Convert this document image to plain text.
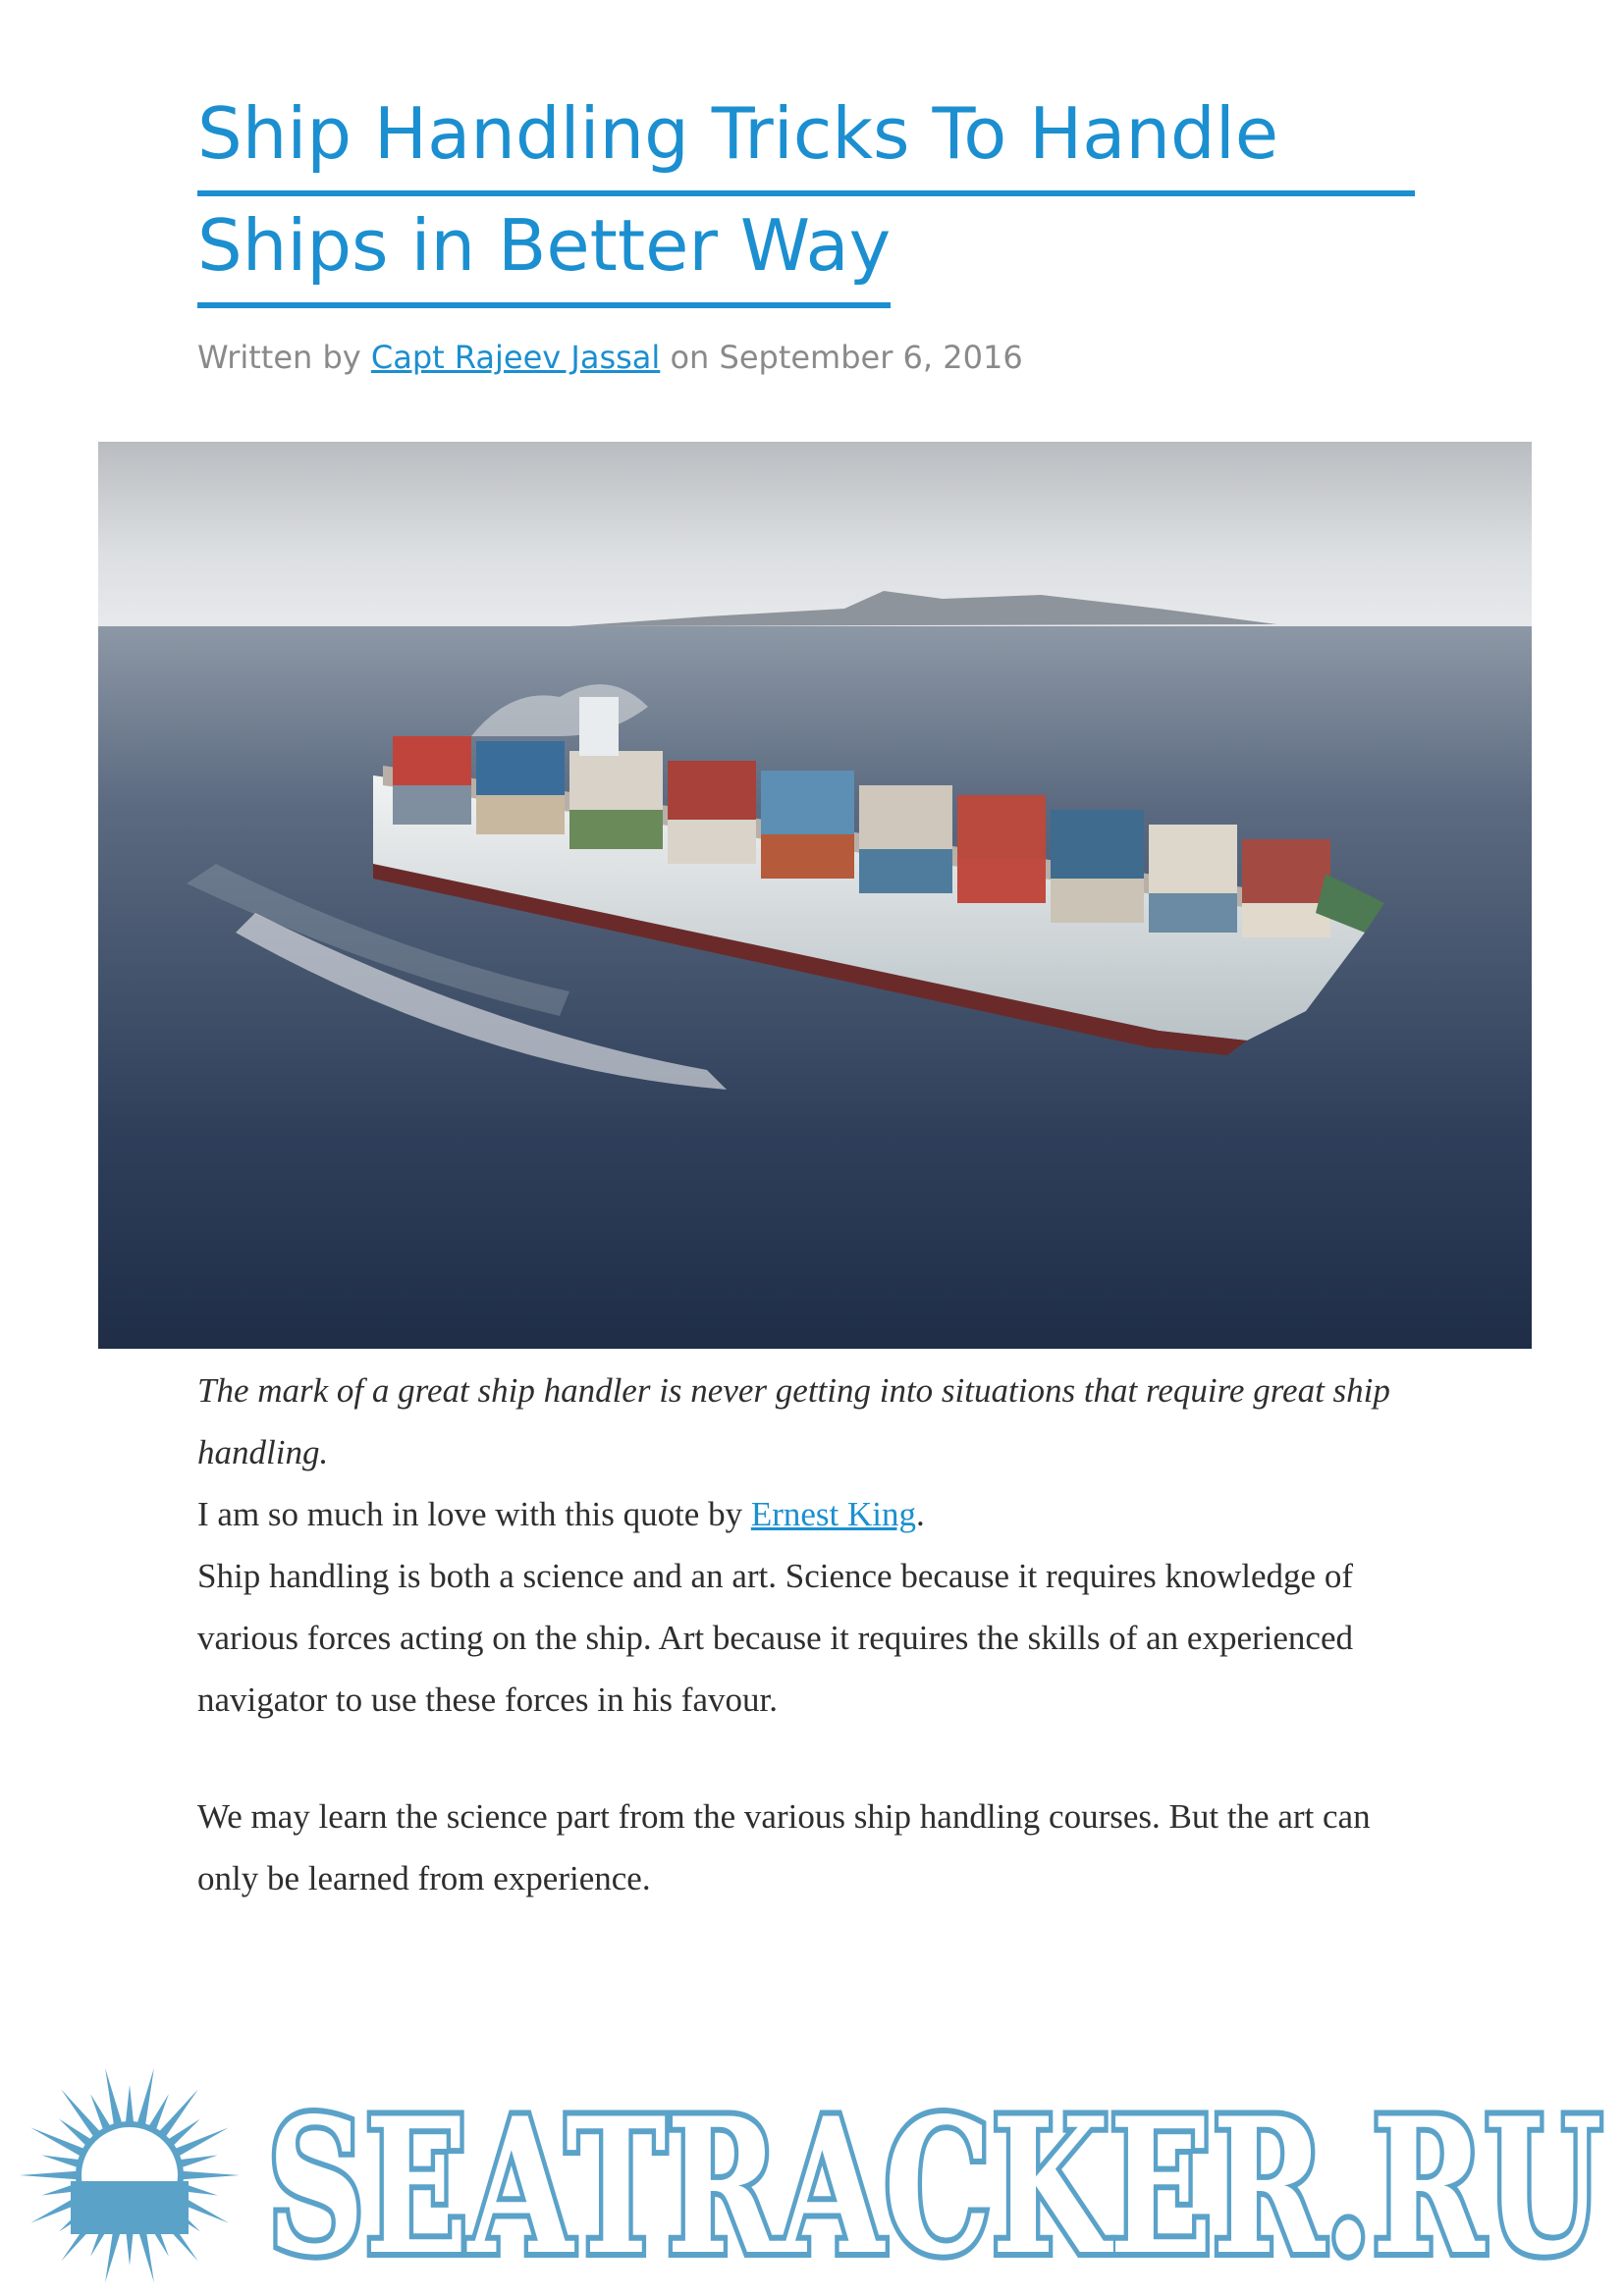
Ship Handling Tricks To Handle
Ships in Better Way
Written by Capt Rajeev Jassal on September 6, 2016

The mark of a great ship handler is never getting into situations that require great ship handling.

I am so much in love with this quote by Ernest King.

Ship handling is both a science and an art. Science because it requires knowledge of various forces acting on the ship. Art because it requires the skills of an experienced navigator to use these forces in his favour.

We may learn the science part from the various ship handling courses. But the art can only be learned from experience.

SEATRACKER.RU
